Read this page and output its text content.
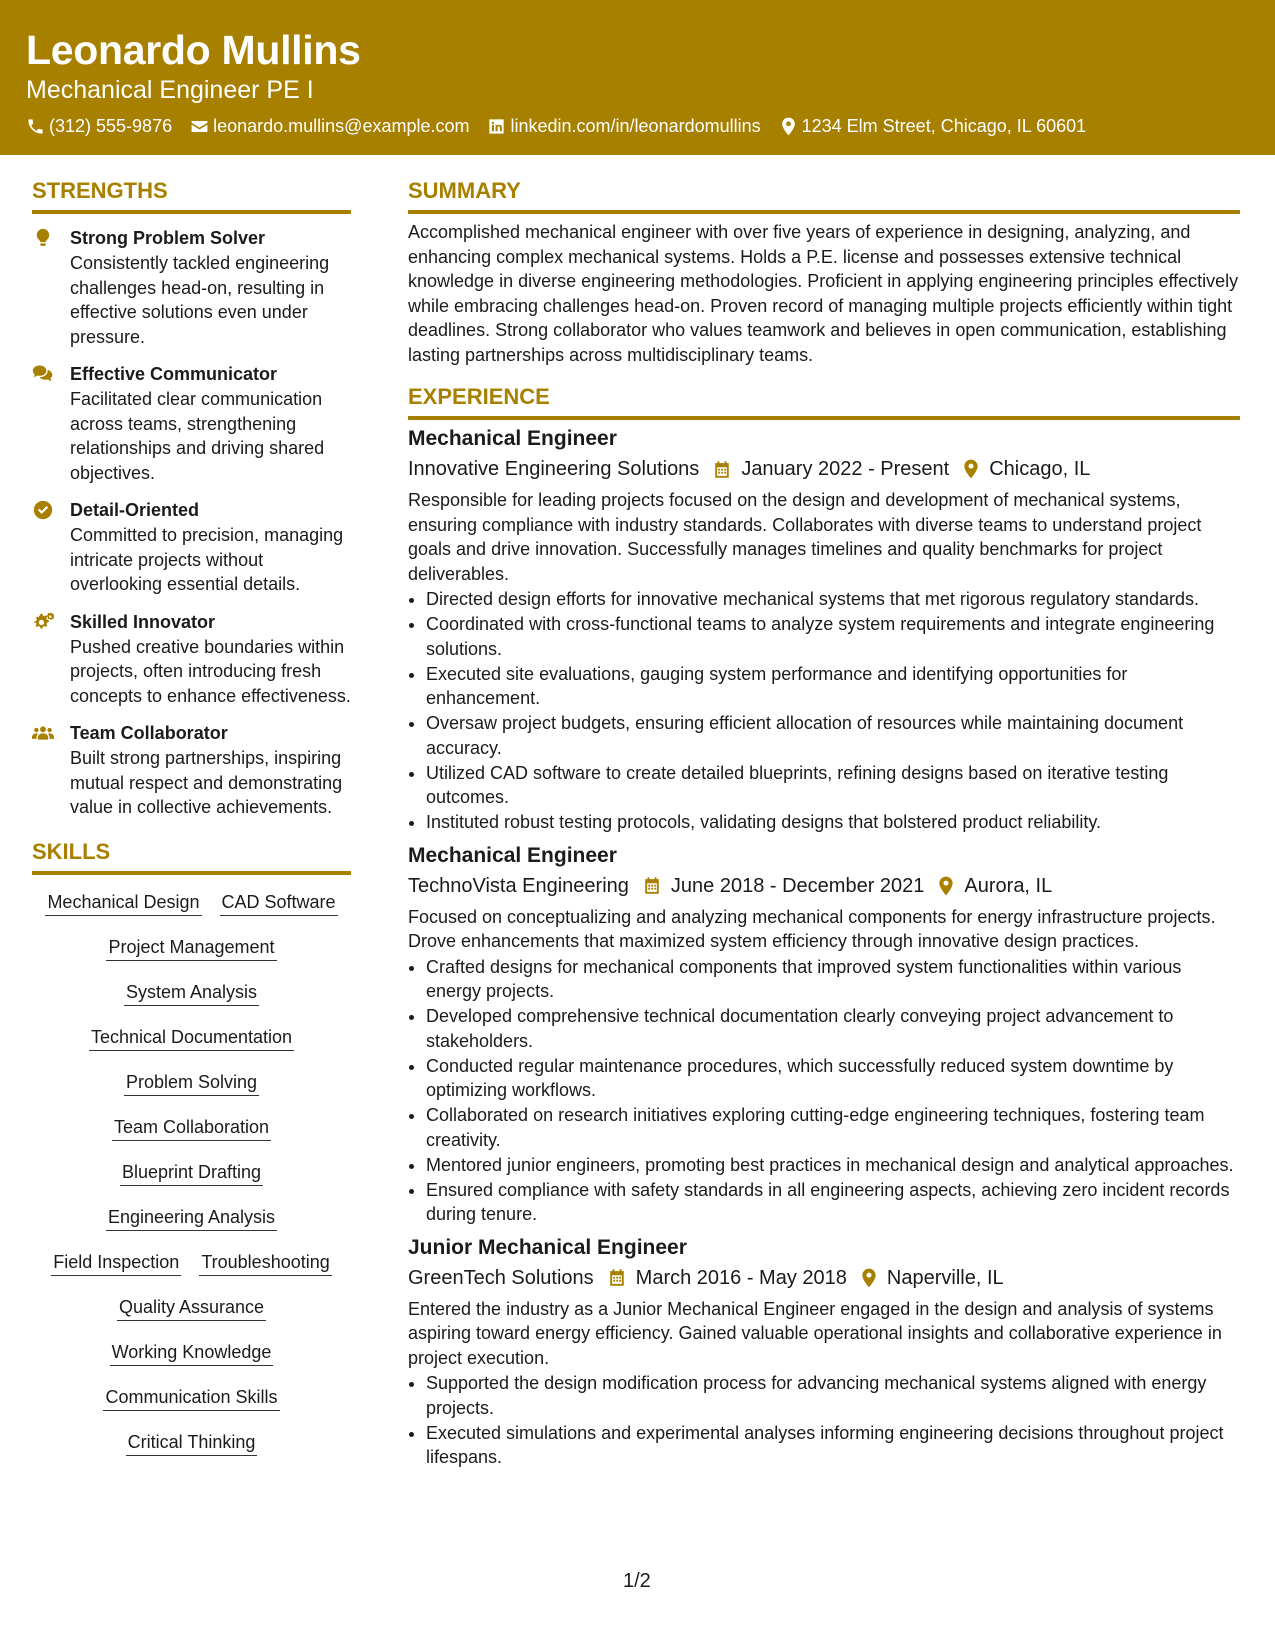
Leonardo Mullins
Mechanical Engineer PE I
(312) 555-9876 leonardo.mullins@example.com linkedin.com/in/leonardomullins 1234 Elm Street, Chicago, IL 60601
STRENGTHS
Strong Problem Solver
Consistently tackled engineering challenges head-on, resulting in effective solutions even under pressure.
Effective Communicator
Facilitated clear communication across teams, strengthening relationships and driving shared objectives.
Detail-Oriented
Committed to precision, managing intricate projects without overlooking essential details.
Skilled Innovator
Pushed creative boundaries within projects, often introducing fresh concepts to enhance effectiveness.
Team Collaborator
Built strong partnerships, inspiring mutual respect and demonstrating value in collective achievements.
SKILLS
Mechanical Design CAD Software
Project Management
System Analysis
Technical Documentation
Problem Solving
Team Collaboration
Blueprint Drafting
Engineering Analysis
Field Inspection Troubleshooting
Quality Assurance
Working Knowledge
Communication Skills
Critical Thinking
SUMMARY
Accomplished mechanical engineer with over five years of experience in designing, analyzing, and enhancing complex mechanical systems. Holds a P.E. license and possesses extensive technical knowledge in diverse engineering methodologies. Proficient in applying engineering principles effectively while embracing challenges head-on. Proven record of managing multiple projects efficiently within tight deadlines. Strong collaborator who values teamwork and believes in open communication, establishing lasting partnerships across multidisciplinary teams.
EXPERIENCE
Mechanical Engineer
Innovative Engineering Solutions January 2022 - Present Chicago, IL
Responsible for leading projects focused on the design and development of mechanical systems, ensuring compliance with industry standards. Collaborates with diverse teams to understand project goals and drive innovation. Successfully manages timelines and quality benchmarks for project deliverables.
• Directed design efforts for innovative mechanical systems that met rigorous regulatory standards.
• Coordinated with cross-functional teams to analyze system requirements and integrate engineering solutions.
• Executed site evaluations, gauging system performance and identifying opportunities for enhancement.
• Oversaw project budgets, ensuring efficient allocation of resources while maintaining document accuracy.
• Utilized CAD software to create detailed blueprints, refining designs based on iterative testing outcomes.
• Instituted robust testing protocols, validating designs that bolstered product reliability.
Mechanical Engineer
TechnoVista Engineering June 2018 - December 2021 Aurora, IL
Focused on conceptualizing and analyzing mechanical components for energy infrastructure projects. Drove enhancements that maximized system efficiency through innovative design practices.
• Crafted designs for mechanical components that improved system functionalities within various energy projects.
• Developed comprehensive technical documentation clearly conveying project advancement to stakeholders.
• Conducted regular maintenance procedures, which successfully reduced system downtime by optimizing workflows.
• Collaborated on research initiatives exploring cutting-edge engineering techniques, fostering team creativity.
• Mentored junior engineers, promoting best practices in mechanical design and analytical approaches.
• Ensured compliance with safety standards in all engineering aspects, achieving zero incident records during tenure.
Junior Mechanical Engineer
GreenTech Solutions March 2016 - May 2018 Naperville, IL
Entered the industry as a Junior Mechanical Engineer engaged in the design and analysis of systems aspiring toward energy efficiency. Gained valuable operational insights and collaborative experience in project execution.
• Supported the design modification process for advancing mechanical systems aligned with energy projects.
• Executed simulations and experimental analyses informing engineering decisions throughout project lifespans.
1/2
